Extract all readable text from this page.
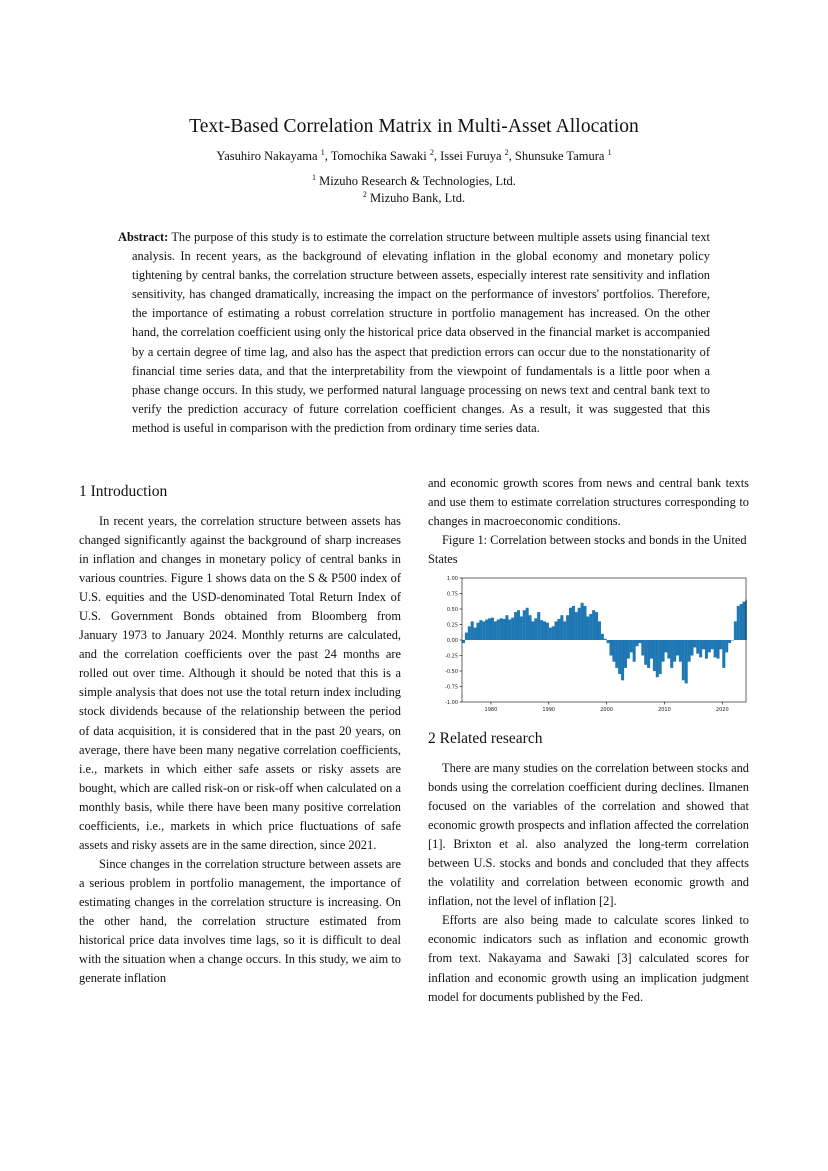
Text-Based Correlation Matrix in Multi-Asset Allocation
Yasuhiro Nakayama $^1$, Tomochika Sawaki $^2$, Issei Furuya $^2$, Shunsuke Tamura $^1$
$^1$ Mizuho Research & Technologies, Ltd.
$^2$ Mizuho Bank, Ltd.
Abstract: The purpose of this study is to estimate the correlation structure between multiple assets using financial text analysis. In recent years, as the background of elevating inflation in the global economy and monetary policy tightening by central banks, the correlation structure between assets, especially interest rate sensitivity and inflation sensitivity, has changed dramatically, increasing the impact on the performance of investors' portfolios. Therefore, the importance of estimating a robust correlation structure in portfolio management has increased. On the other hand, the correlation coefficient using only the historical price data observed in the financial market is accompanied by a certain degree of time lag, and also has the aspect that prediction errors can occur due to the nonstationarity of financial time series data, and that the interpretability from the viewpoint of fundamentals is a little poor when a phase change occurs. In this study, we performed natural language processing on news text and central bank text to verify the prediction accuracy of future correlation coefficient changes. As a result, it was suggested that this method is useful in comparison with the prediction from ordinary time series data.
1 Introduction

In recent years, the correlation structure between assets has changed significantly against the background of sharp increases in inflation and changes in monetary policy of central banks in various countries. Figure 1 shows data on the S & P500 index of U.S. equities and the USD-denominated Total Return Index of U.S. Government Bonds obtained from Bloomberg from January 1973 to January 2024. Monthly returns are calculated, and the correlation coefficients over the past 24 months are rolled out over time. Although it should be noted that this is a simple analysis that does not use the total return index including stock dividends because of the relationship between the period of data acquisition, it is considered that in the past 20 years, on average, there have been many negative correlation coefficients, i.e., markets in which either safe assets or risky assets are bought, which are called risk-on or risk-off when calculated on a monthly basis, while there have been many positive correlation coefficients, i.e., markets in which price fluctuations of safe assets and risky assets are in the same direction, since 2021.

Since changes in the correlation structure between assets are a serious problem in portfolio management, the importance of estimating changes in the correlation structure is increasing. On the other hand, the correlation structure estimated from historical price data involves time lags, so it is difficult to deal with the situation when a change occurs. In this study, we aim to generate inflation

and economic growth scores from news and central bank texts and use them to estimate correlation structures corresponding to changes in macroeconomic conditions.

Figure 1: Correlation between stocks and bonds in the United States
1.00
0.75
0.50
0.25
0.00
-0.25
-0.50
-0.75
-1.00
1980	1990	2000	2010	2020
2 Related research

There are many studies on the correlation between stocks and bonds using the correlation coefficient during declines. Ilmanen focused on the variables of the correlation and showed that economic growth prospects and inflation affected the correlation [1]. Brixton et al. also analyzed the long-term correlation between U.S. stocks and bonds and concluded that they affects the volatility and correlation between economic growth and inflation, not the level of inflation [2].

Efforts are also being made to calculate scores linked to economic indicators such as inflation and economic growth from text. Nakayama and Sawaki [3] calculated scores for inflation and economic growth using an implication judgment model for documents published by the Fed.
